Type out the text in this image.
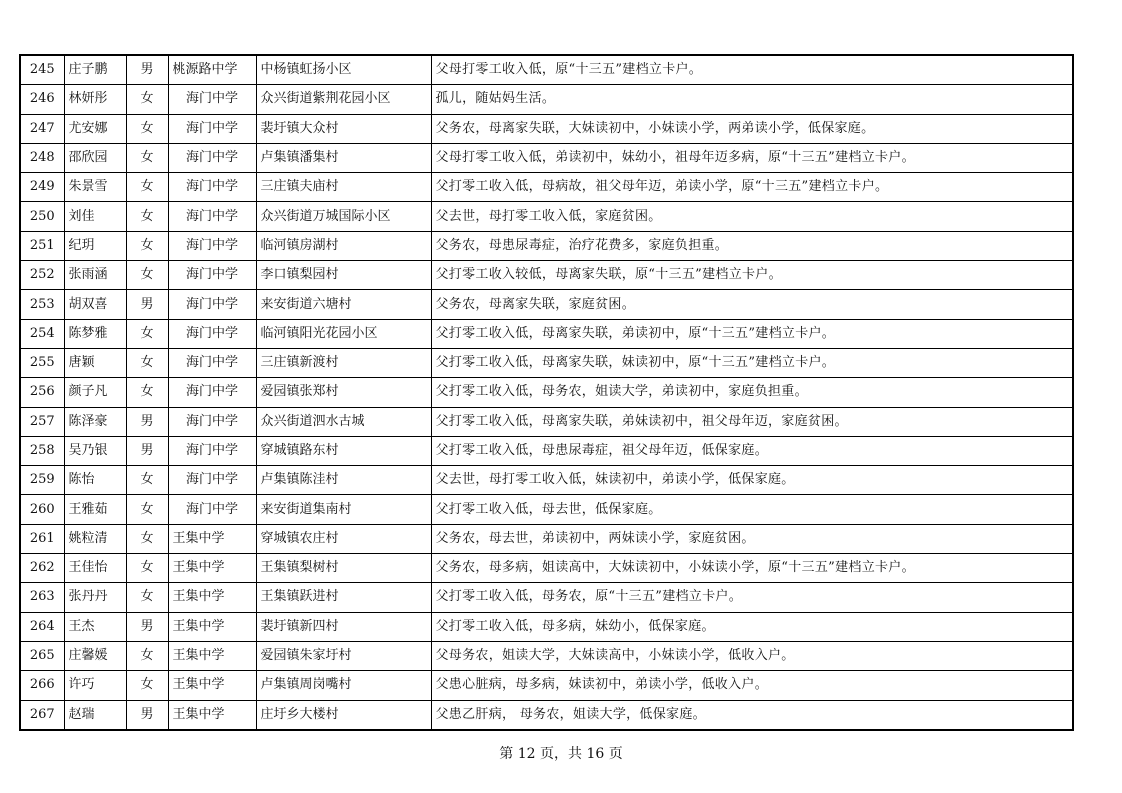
245	庄子鹏	男	桃源路中学	中杨镇虹扬小区	父母打零工收入低，原“十三五”建档立卡户。
246	林妍彤	女	海门中学	众兴街道紫荆花园小区	孤儿，随姑妈生活。
247	尤安娜	女	海门中学	裴圩镇大众村	父务农，母离家失联，大妹读初中，小妹读小学，两弟读小学，低保家庭。
248	邵欣园	女	海门中学	卢集镇潘集村	父母打零工收入低，弟读初中，妹幼小，祖母年迈多病，原“十三五”建档立卡户。
249	朱景雪	女	海门中学	三庄镇夫庙村	父打零工收入低，母病故，祖父母年迈，弟读小学，原“十三五”建档立卡户。
250	刘佳	女	海门中学	众兴街道万城国际小区	父去世，母打零工收入低，家庭贫困。
251	纪玥	女	海门中学	临河镇房湖村	父务农，母患尿毒症，治疗花费多，家庭负担重。
252	张雨涵	女	海门中学	李口镇梨园村	父打零工收入较低，母离家失联，原“十三五”建档立卡户。
253	胡双喜	男	海门中学	来安街道六塘村	父务农，母离家失联，家庭贫困。
254	陈梦雅	女	海门中学	临河镇阳光花园小区	父打零工收入低，母离家失联，弟读初中，原“十三五”建档立卡户。
255	唐颖	女	海门中学	三庄镇新渡村	父打零工收入低，母离家失联，妹读初中，原“十三五”建档立卡户。
256	颜子凡	女	海门中学	爱园镇张郑村	父打零工收入低，母务农，姐读大学，弟读初中，家庭负担重。
257	陈泽豪	男	海门中学	众兴街道泗水古城	父打零工收入低，母离家失联，弟妹读初中，祖父母年迈，家庭贫困。
258	吴乃银	男	海门中学	穿城镇路东村	父打零工收入低，母患尿毒症，祖父母年迈，低保家庭。
259	陈怡	女	海门中学	卢集镇陈洼村	父去世，母打零工收入低，妹读初中，弟读小学，低保家庭。
260	王雅茹	女	海门中学	来安街道集南村	父打零工收入低，母去世，低保家庭。
261	姚粒清	女	王集中学	穿城镇农庄村	父务农，母去世，弟读初中，两妹读小学，家庭贫困。
262	王佳怡	女	王集中学	王集镇梨树村	父务农，母多病，姐读高中，大妹读初中，小妹读小学，原“十三五”建档立卡户。
263	张丹丹	女	王集中学	王集镇跃进村	父打零工收入低，母务农，原“十三五”建档立卡户。
264	王杰	男	王集中学	裴圩镇新四村	父打零工收入低，母多病，妹幼小，低保家庭。
265	庄馨媛	女	王集中学	爱园镇朱家圩村	父母务农，姐读大学，大妹读高中，小妹读小学，低收入户。
266	许巧	女	王集中学	卢集镇周岗嘴村	父患心脏病，母多病，妹读初中，弟读小学，低收入户。
267	赵瑞	男	王集中学	庄圩乡大楼村	父患乙肝病， 母务农，姐读大学，低保家庭。
第 12 页，共 16 页
